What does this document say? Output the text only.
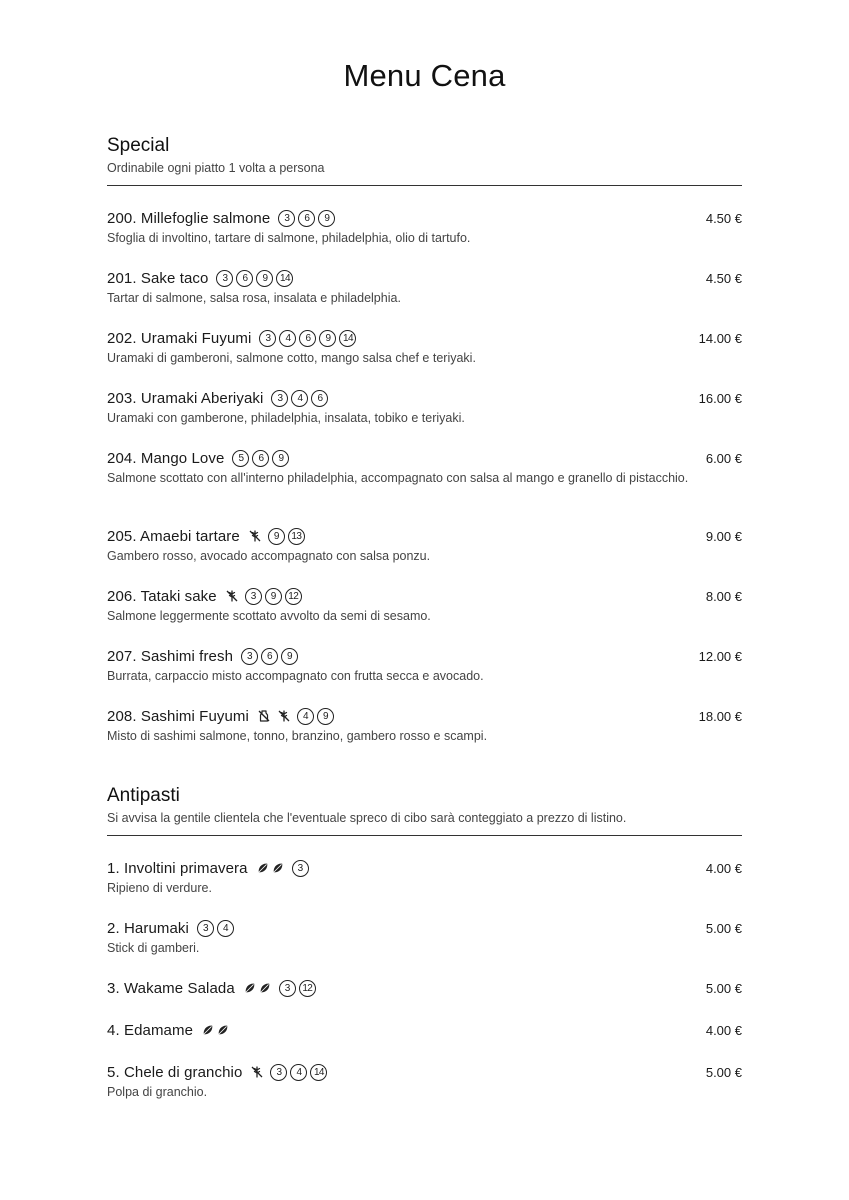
Menu Cena
Special
Ordinabile ogni piatto 1 volta a persona
200. Millefoglie salmone	3	6	9	4.50 €
Sfoglia di involtino, tartare di salmone, philadelphia, olio di tartufo.
201. Sake taco	3	6	9	14	4.50 €
Tartar di salmone, salsa rosa, insalata e philadelphia.
202. Uramaki Fuyumi	3	4	6	9	14	14.00 €
Uramaki di gamberoni, salmone cotto, mango salsa chef e teriyaki.
203. Uramaki Aberiyaki	3	4	6	16.00 €
Uramaki con gamberone, philadelphia, insalata, tobiko e teriyaki.
204. Mango Love	5	6	9	6.00 €
Salmone scottato con all'interno philadelphia, accompagnato con salsa al mango e granello di pistacchio.
205. Amaebi tartare	9	13	9.00 €
Gambero rosso, avocado accompagnato con salsa ponzu.
206. Tataki sake	3	9	12	8.00 €
Salmone leggermente scottato avvolto da semi di sesamo.
207. Sashimi fresh	3	6	9	12.00 €
Burrata, carpaccio misto accompagnato con frutta secca e avocado.
208. Sashimi Fuyumi	4	9	18.00 €
Misto di sashimi salmone, tonno, branzino, gambero rosso e scampi.
Antipasti
Si avvisa la gentile clientela che l'eventuale spreco di cibo sarà conteggiato a prezzo di listino.
1. Involtini primavera	3	4.00 €
Ripieno di verdure.
2. Harumaki	3	4	5.00 €
Stick di gamberi.
3. Wakame Salada	3	12	5.00 €
4. Edamame	4.00 €
5. Chele di granchio	3	4	14	5.00 €
Polpa di granchio.
